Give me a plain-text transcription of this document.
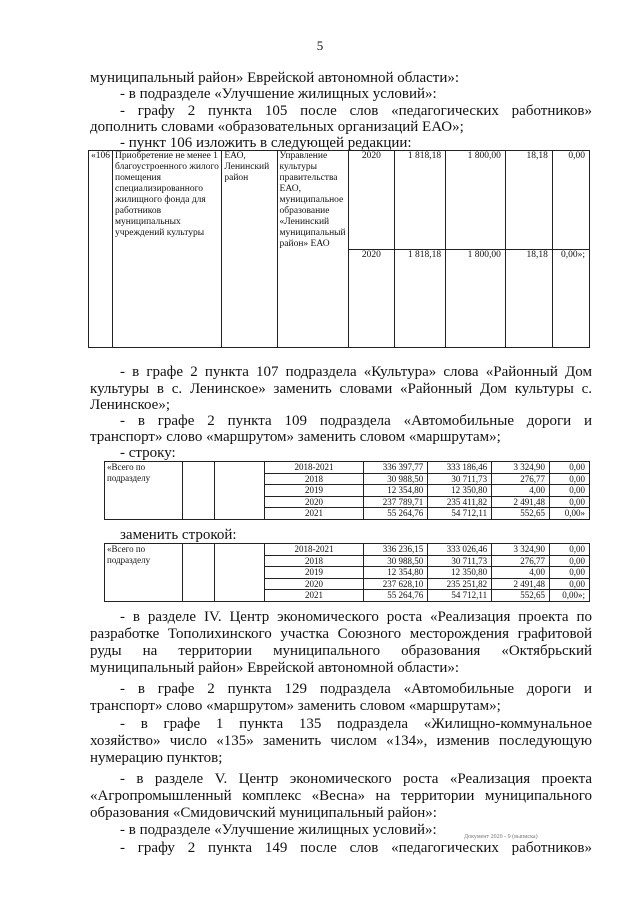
5
муниципальный район» Еврейской автономной области»:
- в подразделе «Улучшение жилищных условий»:
- графу 2 пункта 105 после слов «педагогических работников»
дополнить словами «образовательных организаций ЕАО»;
- пункт 106 изложить в следующей редакции:
«106	Приобретение не менее 1 благоустроенного жилого помещения специализированного жилищного фонда для работников муниципальных учреждений культуры	ЕАО, Ленинский район	Управление культуры правительства ЕАО, муниципальное образование «Ленинский муниципальный район» ЕАО	2020	1 818,18	1 800,00	18,18	0,00
				2020	1 818,18	1 800,00	18,18	0,00»;
- в графе 2 пункта 107 подраздела «Культура» слова «Районный Дом
культуры в с. Ленинское» заменить словами «Районный Дом культуры с.
Ленинское»;
- в графе 2 пункта 109 подраздела «Автомобильные дороги и
транспорт» слово «маршрутом» заменить словом «маршрутам»;
- строку:
«Всего по подразделу			2018-2021	336 397,77	333 186,46	3 324,90	0,00
			2018	30 988,50	30 711,73	276,77	0,00
			2019	12 354,80	12 350,80	4,00	0,00
			2020	237 789,71	235 411,82	2 491,48	0,00
			2021	55 264,76	54 712,11	552,65	0,00»
заменить строкой:
«Всего по подразделу			2018-2021	336 236,15	333 026,46	3 324,90	0,00
			2018	30 988,50	30 711,73	276,77	0,00
			2019	12 354,80	12 350,80	4,00	0,00
			2020	237 628,10	235 251,82	2 491,48	0,00
			2021	55 264,76	54 712,11	552,65	0,00»;
- в разделе IV. Центр экономического роста «Реализация проекта по
разработке Тополихинского участка Союзного месторождения графитовой
руды на территории муниципального образования «Октябрьский
муниципальный район» Еврейской автономной области»:
- в графе 2 пункта 129 подраздела «Автомобильные дороги и
транспорт» слово «маршрутом» заменить словом «маршрутам»;
- в графе 1 пункта 135 подраздела «Жилищно-коммунальное
хозяйство» число «135» заменить числом «134», изменив последующую
нумерацию пунктов;
- в разделе V. Центр экономического роста «Реализация проекта
«Агропромышленный комплекс «Весна» на территории муниципального
образования «Смидовичский муниципальный район»:
- в подразделе «Улучшение жилищных условий»:
- графу 2 пункта 149 после слов «педагогических работников»
Документ 2020 - 9 (выписка)
